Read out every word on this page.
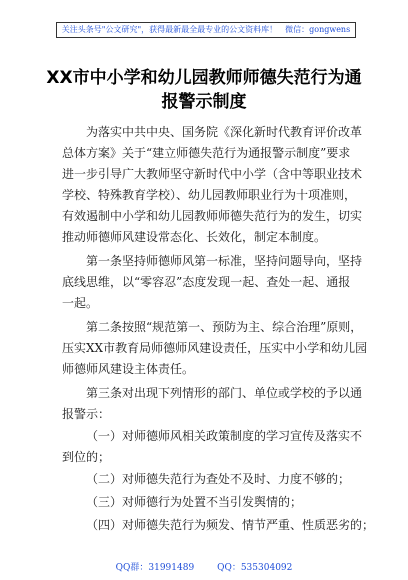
关注头条号"公文研究"，获得最新最全最专业的公文资料库！　微信：gongwens
XX市中小学和幼儿园教师师德失范行为通
报警示制度
为落实中共中央、国务院《深化新时代教育评价改革
总体方案》关于“建立师德失范行为通报警示制度”要求
进一步引导广大教师坚守新时代中小学（含中等职业技术
学校、特殊教育学校）、幼儿园教师职业行为十项准则，
有效遏制中小学和幼儿园教师师德失范行为的发生，切实
推动师德师风建设常态化、长效化，制定本制度。
第一条坚持师德师风第一标准，坚持问题导向，坚持
底线思维，以“零容忍”态度发现一起、查处一起、通报
一起。
第二条按照“规范第一、预防为主、综合治理”原则，
压实XX市教育局师德师风建设责任，压实中小学和幼儿园
师德师风建设主体责任。
第三条对出现下列情形的部门、单位或学校的予以通
报警示：
（一）对师德师风相关政策制度的学习宣传及落实不
到位的；
（二）对师德失范行为查处不及时、力度不够的；
（三）对师德行为处置不当引发舆情的；
（四）对师德失范行为频发、情节严重、性质恶劣的；
QQ群：31991489	QQ：535304092
